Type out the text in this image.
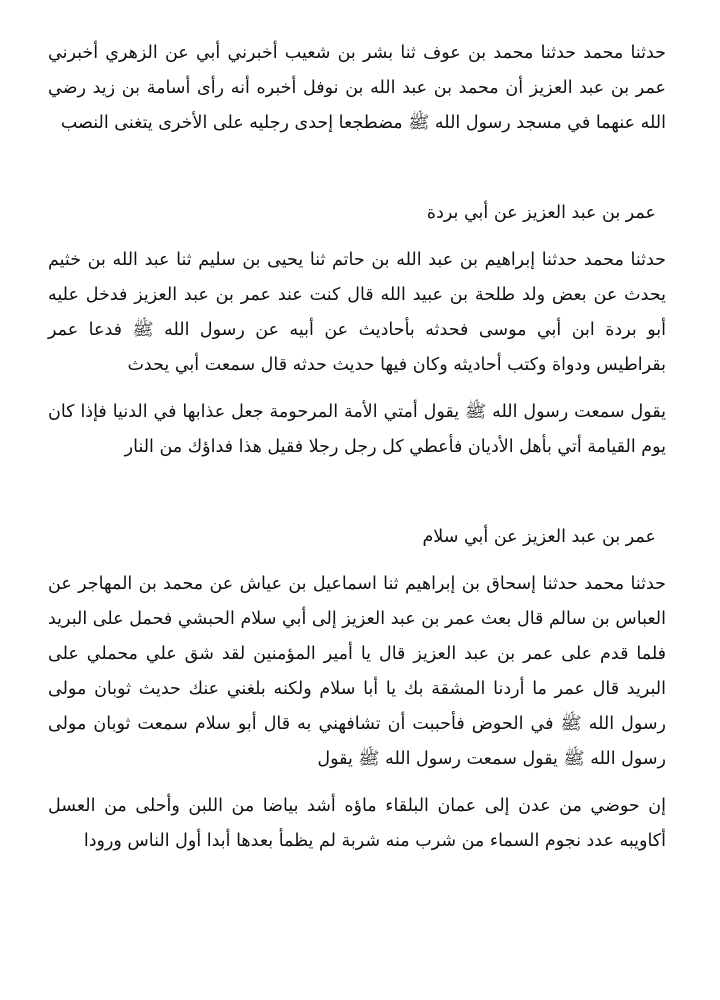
حدثنا محمد حدثنا محمد بن عوف ثنا بشر بن شعيب أخبرني أبي عن الزهري أخبرني عمر بن عبد العزيز أن محمد بن عبد الله بن نوفل أخبره أنه رأى أسامة بن زيد رضي الله عنهما في مسجد رسول الله ﷺ مضطجعا إحدى رجليه على الأخرى يتغنى النصب

عمر بن عبد العزيز عن أبي بردة

حدثنا محمد حدثنا إبراهيم بن عبد الله بن حاتم ثنا يحيى بن سليم ثنا عبد الله بن خثيم يحدث عن بعض ولد طلحة بن عبيد الله قال كنت عند عمر بن عبد العزيز فدخل عليه أبو بردة ابن أبي موسى فحدثه بأحاديث عن أبيه عن رسول الله ﷺ فدعا عمر بقراطيس ودواة وكتب أحاديثه وكان فيها حديث حدثه قال سمعت أبي يحدث

يقول سمعت رسول الله ﷺ يقول أمتي الأمة المرحومة جعل عذابها في الدنيا فإذا كان يوم القيامة أتي بأهل الأديان فأعطي كل رجل رجلا فقيل هذا فداؤك من النار

عمر بن عبد العزيز عن أبي سلام

حدثنا محمد حدثنا إسحاق بن إبراهيم ثنا اسماعيل بن عياش عن محمد بن المهاجر عن العباس بن سالم قال بعث عمر بن عبد العزيز إلى أبي سلام الحبشي فحمل على البريد فلما قدم على عمر بن عبد العزيز قال يا أمير المؤمنين لقد شق علي محملي على البريد قال عمر ما أردنا المشقة بك يا أبا سلام ولكنه بلغني عنك حديث ثوبان مولى رسول الله ﷺ في الحوض فأحببت أن تشافهني به قال أبو سلام سمعت ثوبان مولى رسول الله ﷺ يقول سمعت رسول الله ﷺ يقول

إن حوضي من عدن إلى عمان البلقاء ماؤه أشد بياضا من اللبن وأحلى من العسل أكاويبه عدد نجوم السماء من شرب منه شربة لم يظمأ بعدها أبدا أول الناس ورودا
